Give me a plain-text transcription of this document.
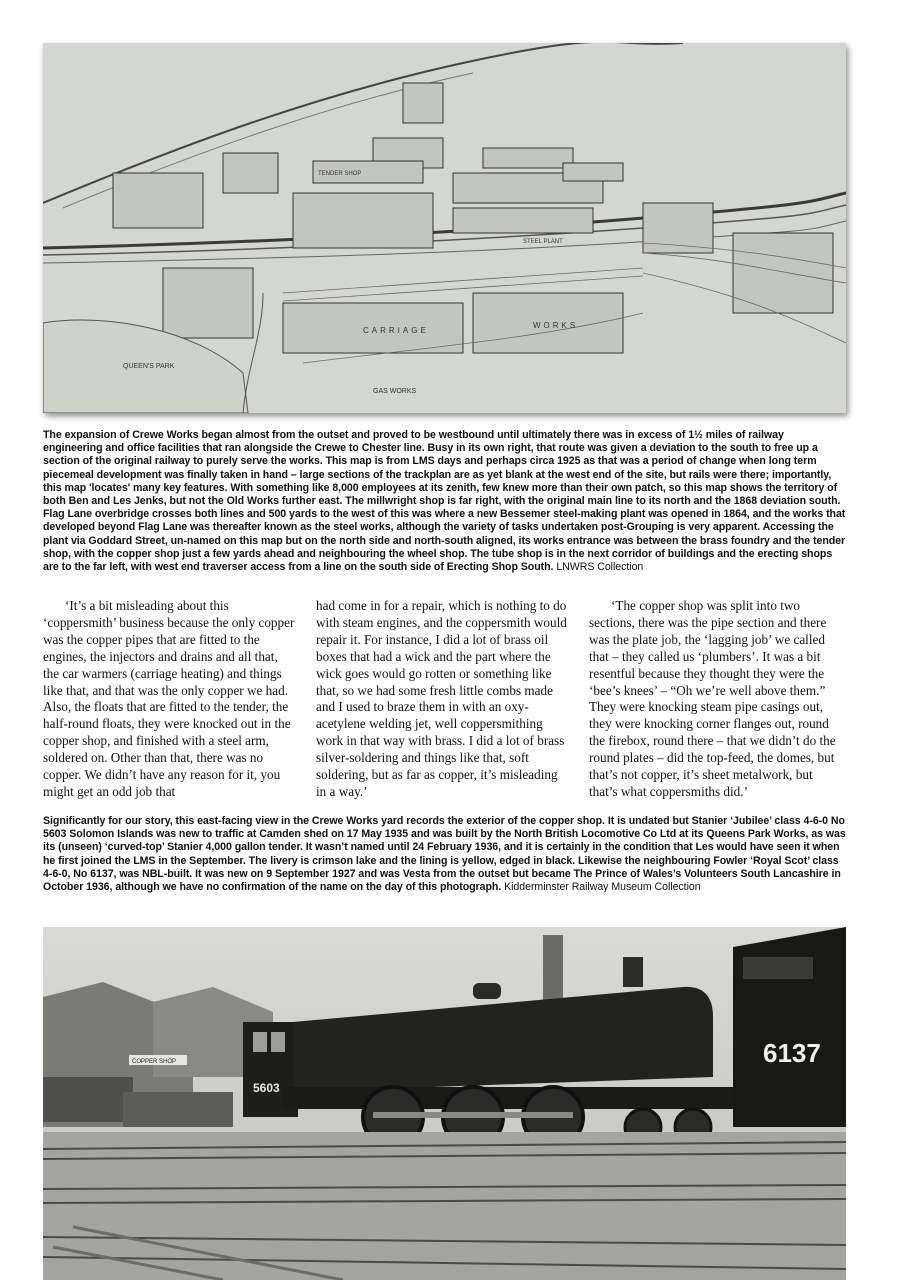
QUEEN'S PARK
GAS WORKS
CARRIAGE
WORKS
TENDER SHOP
STEEL PLANT
The expansion of Crewe Works began almost from the outset and proved to be westbound until ultimately there was in excess of 1½ miles of railway engineering and office facilities that ran alongside the Crewe to Chester line. Busy in its own right, that route was given a deviation to the south to free up a section of the original railway to purely serve the works. This map is from LMS days and perhaps circa 1925 as that was a period of change when long term piecemeal development was finally taken in hand – large sections of the trackplan are as yet blank at the west end of the site, but rails were there; importantly, this map 'locates' many key features. With something like 8,000 employees at its zenith, few knew more than their own patch, so this map shows the territory of both Ben and Les Jenks, but not the Old Works further east. The millwright shop is far right, with the original main line to its north and the 1868 deviation south. Flag Lane overbridge crosses both lines and 500 yards to the west of this was where a new Bessemer steel-making plant was opened in 1864, and the works that developed beyond Flag Lane was thereafter known as the steel works, although the variety of tasks undertaken post-Grouping is very apparent. Accessing the plant via Goddard Street, un-named on this map but on the north side and north-south aligned, its works entrance was between the brass foundry and the tender shop, with the copper shop just a few yards ahead and neighbouring the wheel shop. The tube shop is in the next corridor of buildings and the erecting shops are to the far left, with west end traverser access from a line on the south side of Erecting Shop South. LNWRS Collection

‘It’s a bit misleading about this ‘coppersmith’ business because the only copper was the copper pipes that are fitted to the engines, the injectors and drains and all that, the car warmers (carriage heating) and things like that, and that was the only copper we had. Also, the floats that are fitted to the tender, the half-round floats, they were knocked out in the copper shop, and finished with a steel arm, soldered on. Other than that, there was no copper. We didn’t have any reason for it, you might get an odd job that

had come in for a repair, which is nothing to do with steam engines, and the coppersmith would repair it. For instance, I did a lot of brass oil boxes that had a wick and the part where the wick goes would go rotten or something like that, so we had some fresh little combs made and I used to braze them in with an oxy-acetylene welding jet, well coppersmithing work in that way with brass. I did a lot of brass silver-soldering and things like that, soft soldering, but as far as copper, it’s misleading in a way.’

‘The copper shop was split into two sections, there was the pipe section and there was the plate job, the ‘lagging job’ we called that – they called us ‘plumbers’. It was a bit resentful because they thought they were the ‘bee’s knees’ – “Oh we’re well above them.” They were knocking steam pipe casings out, they were knocking corner flanges out, round the firebox, round there – that we didn’t do the round plates – did the top-feed, the domes, but that’s not copper, it’s sheet metalwork, but that’s what coppersmiths did.’

Significantly for our story, this east-facing view in the Crewe Works yard records the exterior of the copper shop. It is undated but Stanier ‘Jubilee’ class 4-6-0 No 5603 Solomon Islands was new to traffic at Camden shed on 17 May 1935 and was built by the North British Locomotive Co Ltd at its Queens Park Works, as was its (unseen) ‘curved-top’ Stanier 4,000 gallon tender. It wasn’t named until 24 February 1936, and it is certainly in the condition that Les would have seen it when he first joined the LMS in the September. The livery is crimson lake and the lining is yellow, edged in black. Likewise the neighbouring Fowler ‘Royal Scot’ class 4-6-0, No 6137, was NBL-built. It was new on 9 September 1927 and was Vesta from the outset but became The Prince of Wales’s Volunteers South Lancashire in October 1936, although we have no confirmation of the name on the day of this photograph. Kidderminster Railway Museum Collection
COPPER SHOP
5603
6137
